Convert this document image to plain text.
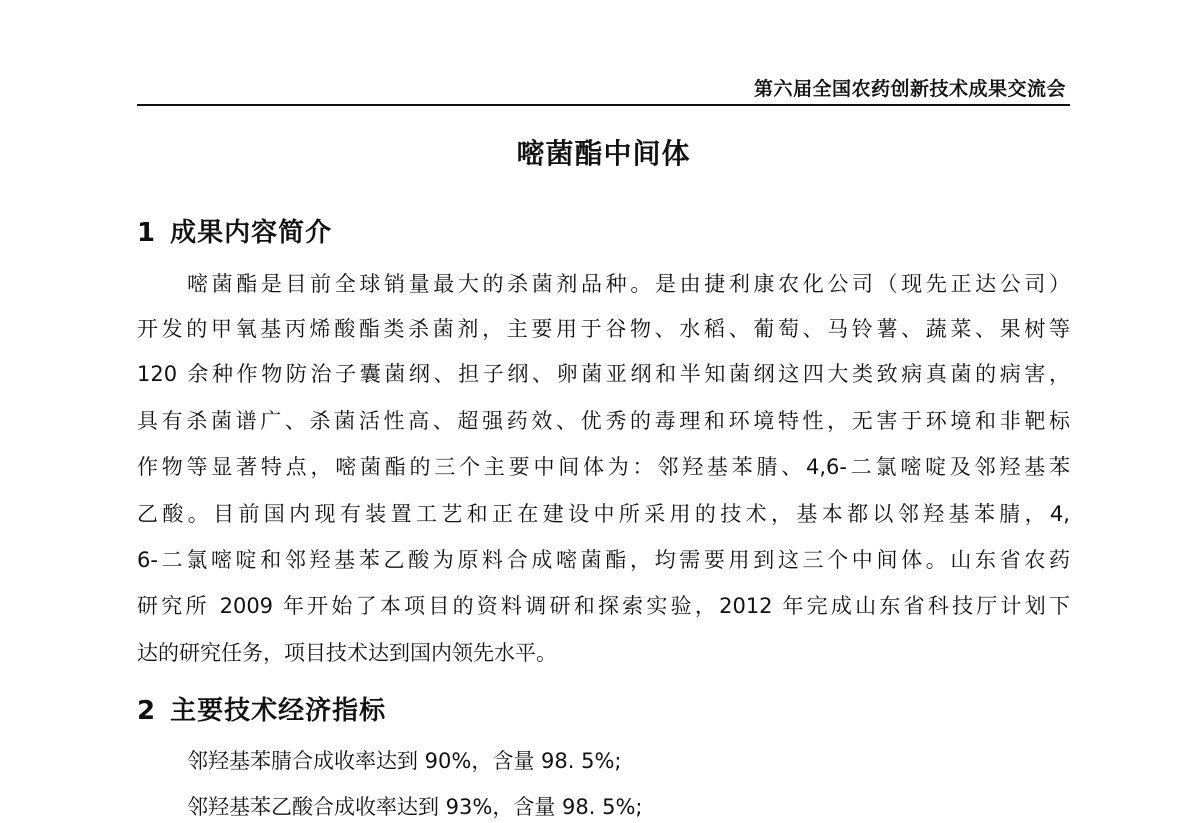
第六届全国农药创新技术成果交流会
嘧菌酯中间体
1 成果内容简介
嘧菌酯是目前全球销量最大的杀菌剂品种。是由捷利康农化公司（现先正达公司）
开发的甲氧基丙烯酸酯类杀菌剂，主要用于谷物、水稻、葡萄、马铃薯、蔬菜、果树等
120 余种作物防治子囊菌纲、担子纲、卵菌亚纲和半知菌纲这四大类致病真菌的病害，
具有杀菌谱广、杀菌活性高、超强药效、优秀的毒理和环境特性，无害于环境和非靶标
作物等显著特点，嘧菌酯的三个主要中间体为：邻羟基苯腈、4,6-二氯嘧啶及邻羟基苯
乙酸。目前国内现有装置工艺和正在建设中所采用的技术，基本都以邻羟基苯腈，4,
6-二氯嘧啶和邻羟基苯乙酸为原料合成嘧菌酯，均需要用到这三个中间体。山东省农药
研究所 2009 年开始了本项目的资料调研和探索实验，2012 年完成山东省科技厅计划下
达的研究任务，项目技术达到国内领先水平。
2 主要技术经济指标
邻羟基苯腈合成收率达到 90%，含量 98. 5%;
邻羟基苯乙酸合成收率达到 93%，含量 98. 5%;
